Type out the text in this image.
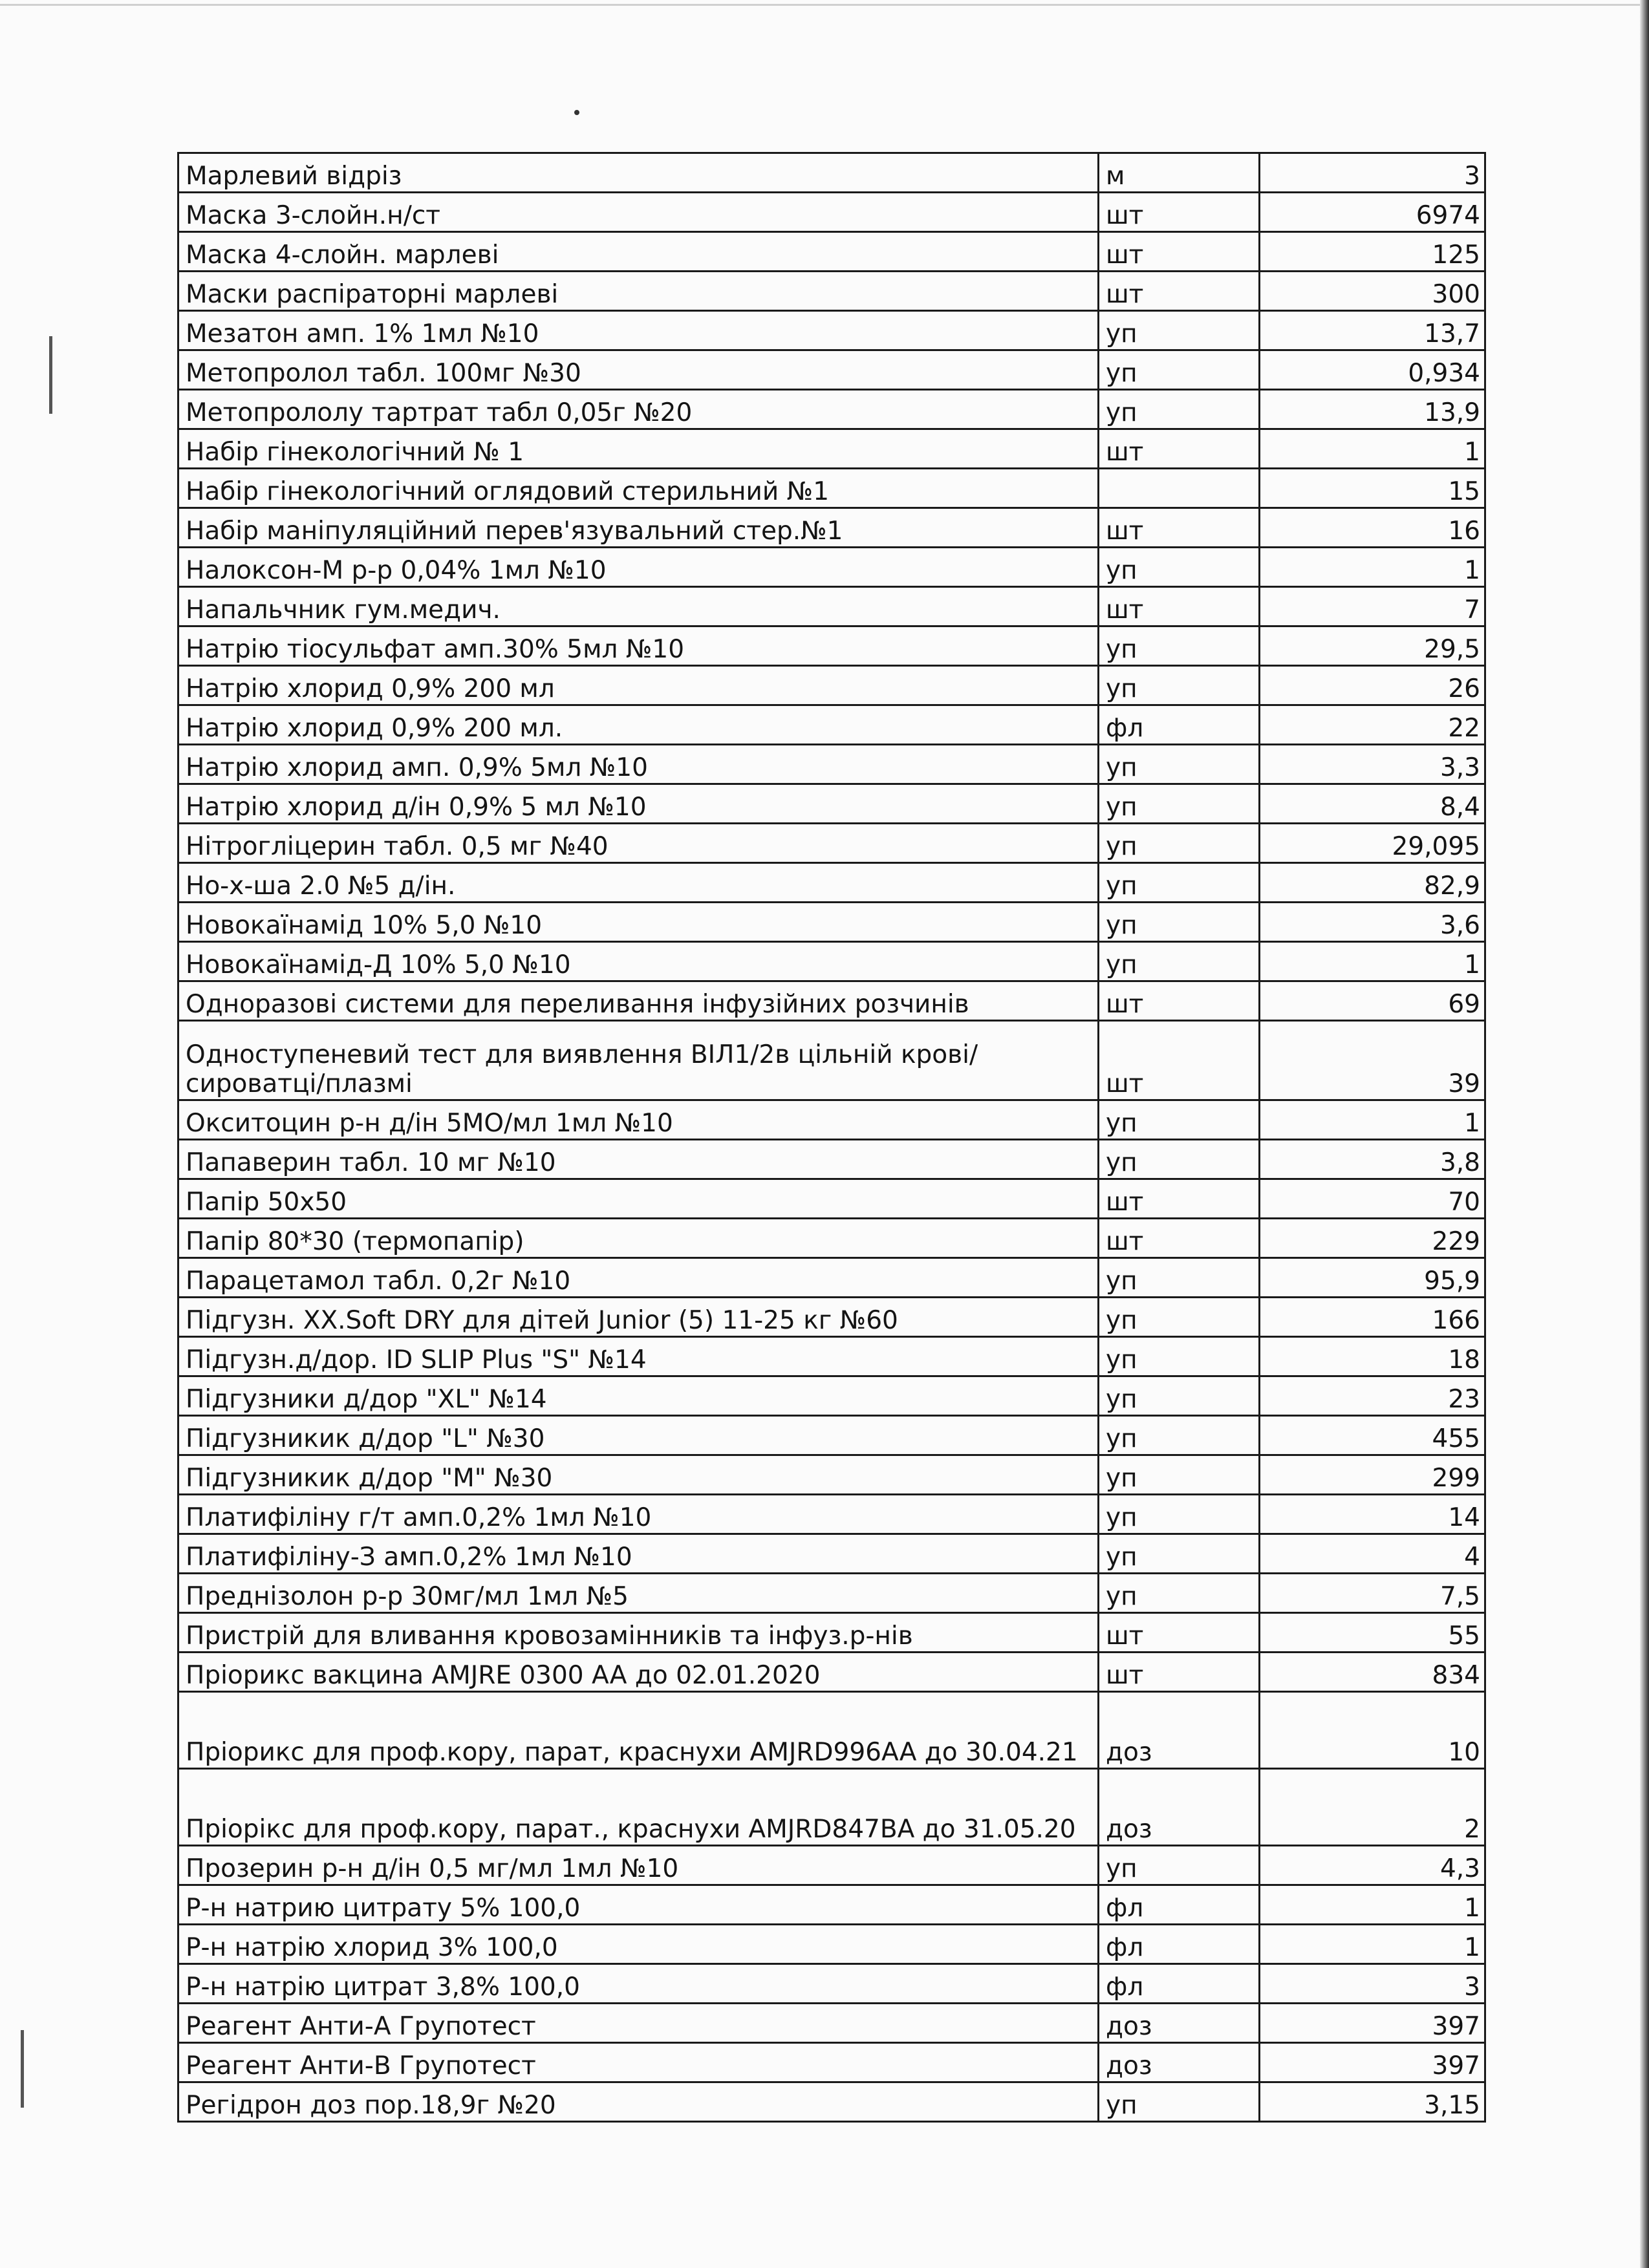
Марлевий відріз	м	3
Маска 3-слойн.н/ст	шт	6974
Маска 4-слойн. марлеві	шт	125
Маски распіраторні марлеві	шт	300
Мезатон амп. 1% 1мл №10	уп	13,7
Метопролол табл. 100мг №30	уп	0,934
Метопрололу тартрат табл 0,05г №20	уп	13,9
Набір гінекологічний № 1	шт	1
Набір гінекологічний оглядовий стерильний №1		15
Набір маніпуляційний перев'язувальний стер.№1	шт	16
Налоксон-М р-р 0,04% 1мл №10	уп	1
Напальчник гум.медич.	шт	7
Натрію тіосульфат амп.30% 5мл №10	уп	29,5
Натрію хлорид 0,9% 200 мл	уп	26
Натрію хлорид 0,9% 200 мл.	фл	22
Натрію хлорид амп. 0,9% 5мл №10	уп	3,3
Натрію хлорид д/ін 0,9% 5 мл №10	уп	8,4
Нітрогліцерин табл. 0,5 мг №40	уп	29,095
Но-х-ша 2.0 №5 д/ін.	уп	82,9
Новокаїнамід 10% 5,0 №10	уп	3,6
Новокаїнамід-Д 10% 5,0 №10	уп	1
Одноразові системи для переливання інфузійних розчинів	шт	69
Одноступеневий тест для виявлення ВІЛ1/2в цільній крові/сироватці/плазмі	шт	39
Окситоцин р-н д/ін 5МО/мл 1мл №10	уп	1
Папаверин табл. 10 мг №10	уп	3,8
Папір 50х50	шт	70
Папір 80*30 (термопапір)	шт	229
Парацетамол табл. 0,2г №10	уп	95,9
Підгузн. XX.Soft DRY для дітей Junior (5) 11-25 кг №60	уп	166
Підгузн.д/дор. ID SLIP Plus "S" №14	уп	18
Підгузники д/дор "XL" №14	уп	23
Підгузникик д/дор "L" №30	уп	455
Підгузникик д/дор "M" №30	уп	299
Платифіліну г/т амп.0,2% 1мл №10	уп	14
Платифіліну-З амп.0,2% 1мл №10	уп	4
Преднізолон р-р 30мг/мл 1мл №5	уп	7,5
Пристрій для вливання кровозамінників та інфуз.р-нів	шт	55
Пріорикс вакцина AMJRE 0300 AA до 02.01.2020	шт	834
Пріорикс для проф.кору, парат, краснухи AMJRD996AA до 30.04.21	доз	10
Пріорікс для проф.кору, парат., краснухи AMJRD847BA до 31.05.20	доз	2
Прозерин р-н д/ін 0,5 мг/мл 1мл №10	уп	4,3
Р-н натрию цитрату 5% 100,0	фл	1
Р-н натрію хлорид 3% 100,0	фл	1
Р-н натрію цитрат 3,8% 100,0	фл	3
Реагент Анти-А Групотест	доз	397
Реагент Анти-В Групотест	доз	397
Регідрон доз пор.18,9г №20	уп	3,15
